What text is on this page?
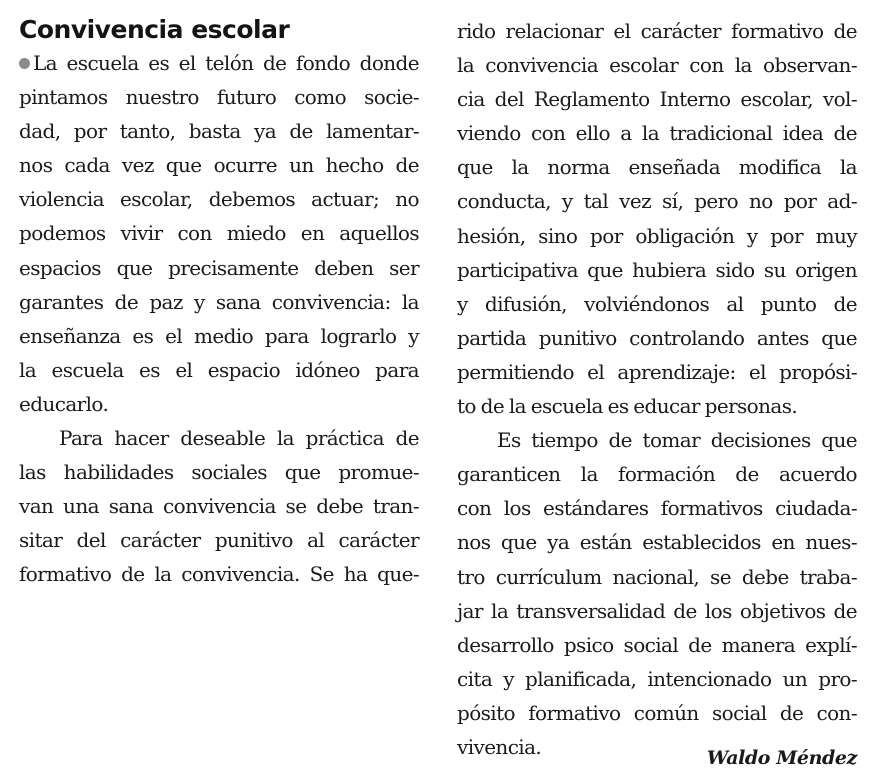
Convivencia escolar
La escuela es el telón de fondo donde
pintamos nuestro futuro como socie-
dad, por tanto, basta ya de lamentar-
nos cada vez que ocurre un hecho de
violencia escolar, debemos actuar; no
podemos vivir con miedo en aquellos
espacios que precisamente deben ser
garantes de paz y sana convivencia: la
enseñanza es el medio para lograrlo y
la escuela es el espacio idóneo para
educarlo.
Para hacer deseable la práctica de
las habilidades sociales que promue-
van una sana convivencia se debe tran-
sitar del carácter punitivo al carácter
formativo de la convivencia. Se ha que-
rido relacionar el carácter formativo de
la convivencia escolar con la observan-
cia del Reglamento Interno escolar, vol-
viendo con ello a la tradicional idea de
que la norma enseñada modifica la
conducta, y tal vez sí, pero no por ad-
hesión, sino por obligación y por muy
participativa que hubiera sido su origen
y difusión, volviéndonos al punto de
partida punitivo controlando antes que
permitiendo el aprendizaje: el propósi-
to de la escuela es educar personas.
Es tiempo de tomar decisiones que
garanticen la formación de acuerdo
con los estándares formativos ciudada-
nos que ya están establecidos en nues-
tro currículum nacional, se debe traba-
jar la transversalidad de los objetivos de
desarrollo psico social de manera explí-
cita y planificada, intencionado un pro-
pósito formativo común social de con-
vivencia.	Waldo Méndez
